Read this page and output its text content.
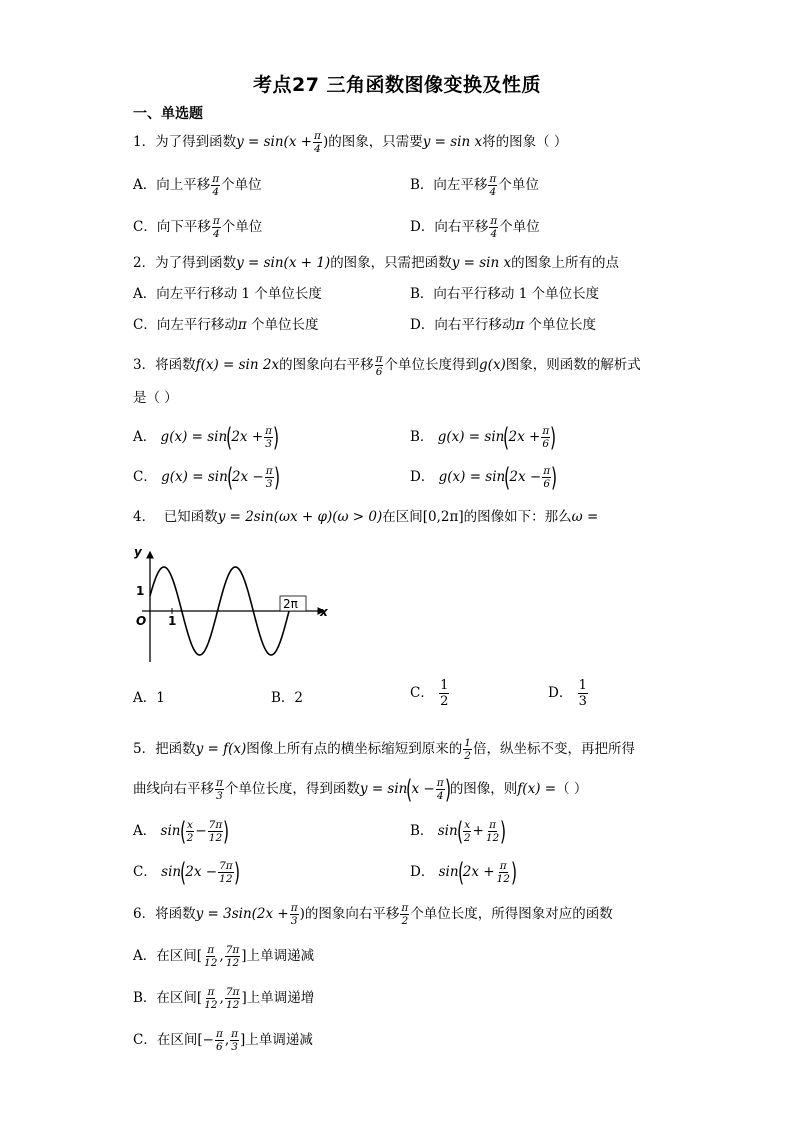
考点27 三角函数图像变换及性质
一、单选题
1．为了得到函数$y = \sin(x + \frac{\pi}{4}$ )的图象，只需要y = sin x将的图象（ ）
A．向上平移 $\frac{\pi}{4}$ 个单位	B．向左平移 $\frac{\pi}{4}$ 个单位
C．向下平移 $\frac{\pi}{4}$ 个单位	D．向右平移 $\frac{\pi}{4}$ 个单位
2．为了得到函数y = sin(x + 1)的图象，只需把函数y = sin x的图象上所有的点
A．向左平行移动 1 个单位长度	B．向右平行移动 1 个单位长度
C．向左平行移动π 个单位长度	D．向右平行移动π 个单位长度
3．将函数f(x) = sin 2x的图象向右平移 $\frac{\pi}{6}$ 个单位长度得到g(x)图象，则函数的解析式
是（ ）
A． $g(x) = \sin(2x + \frac{\pi}{3}$ )	B． $g(x) = \sin(2x + \frac{\pi}{6}$ )
C． $g(x) = \sin(2x - \frac{\pi}{3}$ )	D． $g(x) = \sin(2x - \frac{\pi}{6}$ )
4． 已知函数y = 2sin(ωx + φ)(ω > 0)在区间[0,2π]的图像如下：那么ω =
y
x
O 1
1
2π
A．1	B．2	C． $\frac{1}{2}$	D． $\frac{1}{3}$
5．把函数y = f(x)图像上所有点的横坐标缩短到原来的 $\frac{1}{2}$ 倍，纵坐标不变，再把所得
曲线向右平移 $\frac{\pi}{3}$ 个单位长度，得到函数$y = \sin(x - \frac{\pi}{4}$ )的图像，则f(x) =（ ）
A． $\sin( \frac{x}{2} - \frac{7\pi}{12}$ )	B． $\sin( \frac{x}{2} + \frac{\pi}{12}$ )
C． $\sin(2x - \frac{7\pi}{12}$ )	D． $\sin(2x + \frac{\pi}{12}$ )
6．将函数$y = 3\sin(2x + \frac{\pi}{3}$ )的图象向右平移 $\frac{\pi}{2}$ 个单位长度，所得图象对应的函数
A．在区间[ $\frac{\pi}{12}$ , $\frac{7\pi}{12}$ ]上单调递减
B．在区间[ $\frac{\pi}{12}$ , $\frac{7\pi}{12}$ ]上单调递增
C．在区间[− $\frac{\pi}{6}$ , $\frac{\pi}{3}$ ]上单调递减
